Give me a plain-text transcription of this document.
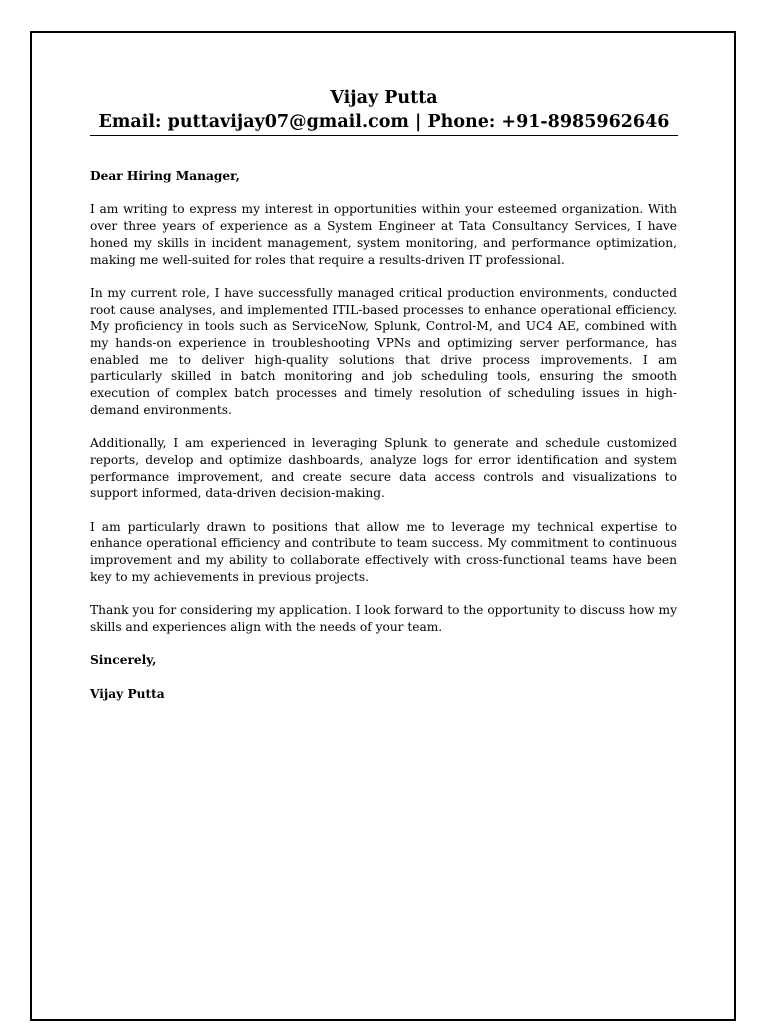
Vijay Putta
Email: puttavijay07@gmail.com | Phone: +91-8985962646

Dear Hiring Manager,

I am writing to express my interest in opportunities within your esteemed organization. With over three years of experience as a System Engineer at Tata Consultancy Services, I have honed my skills in incident management, system monitoring, and performance optimization, making me well-suited for roles that require a results-driven IT professional.

In my current role, I have successfully managed critical production environments, conducted root cause analyses, and implemented ITIL-based processes to enhance operational efficiency. My proficiency in tools such as ServiceNow, Splunk, Control-M, and UC4 AE, combined with my hands-on experience in troubleshooting VPNs and optimizing server performance, has enabled me to deliver high-quality solutions that drive process improvements. I am particularly skilled in batch monitoring and job scheduling tools, ensuring the smooth execution of complex batch processes and timely resolution of scheduling issues in high-demand environments.

Additionally, I am experienced in leveraging Splunk to generate and schedule customized reports, develop and optimize dashboards, analyze logs for error identification and system performance improvement, and create secure data access controls and visualizations to support informed, data-driven decision-making.

I am particularly drawn to positions that allow me to leverage my technical expertise to enhance operational efficiency and contribute to team success. My commitment to continuous improvement and my ability to collaborate effectively with cross-functional teams have been key to my achievements in previous projects.

Thank you for considering my application. I look forward to the opportunity to discuss how my skills and experiences align with the needs of your team.

Sincerely,

Vijay Putta
